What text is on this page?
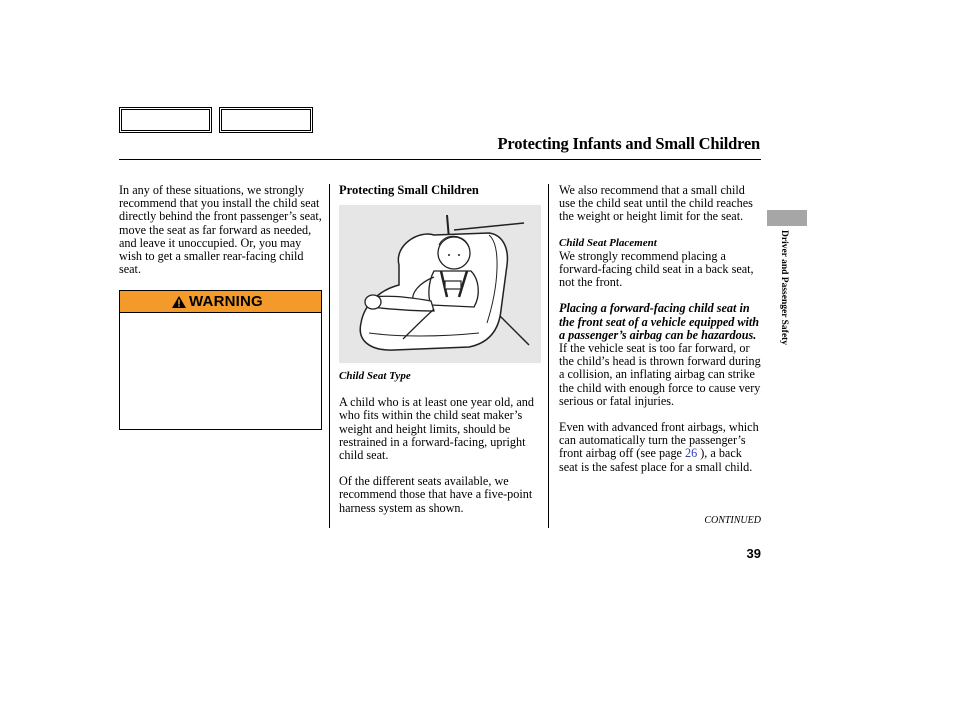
Protecting Infants and Small Children

In any of these situations, we strongly recommend that you install the child seat directly behind the front passenger’s seat, move the seat as far forward as needed, and leave it unoccupied. Or, you may wish to get a smaller rear-facing child seat.

WARNING

Protecting Small Children

Child Seat Type

A child who is at least one year old, and who fits within the child seat maker’s weight and height limits, should be restrained in a forward-facing, upright child seat.

Of the different seats available, we recommend those that have a five-point harness system as shown.

We also recommend that a small child use the child seat until the child reaches the weight or height limit for the seat.

Child Seat Placement

We strongly recommend placing a forward-facing child seat in a back seat, not the front.

Placing a forward-facing child seat in the front seat of a vehicle equipped with a passenger’s airbag can be hazardous. If the vehicle seat is too far forward, or the child’s head is thrown forward during a collision, an inflating airbag can strike the child with enough force to cause very serious or fatal injuries.

Even with advanced front airbags, which can automatically turn the passenger’s front airbag off (see page 26 ), a back seat is the safest place for a small child.

CONTINUED
39
Driver and Passenger Safety
